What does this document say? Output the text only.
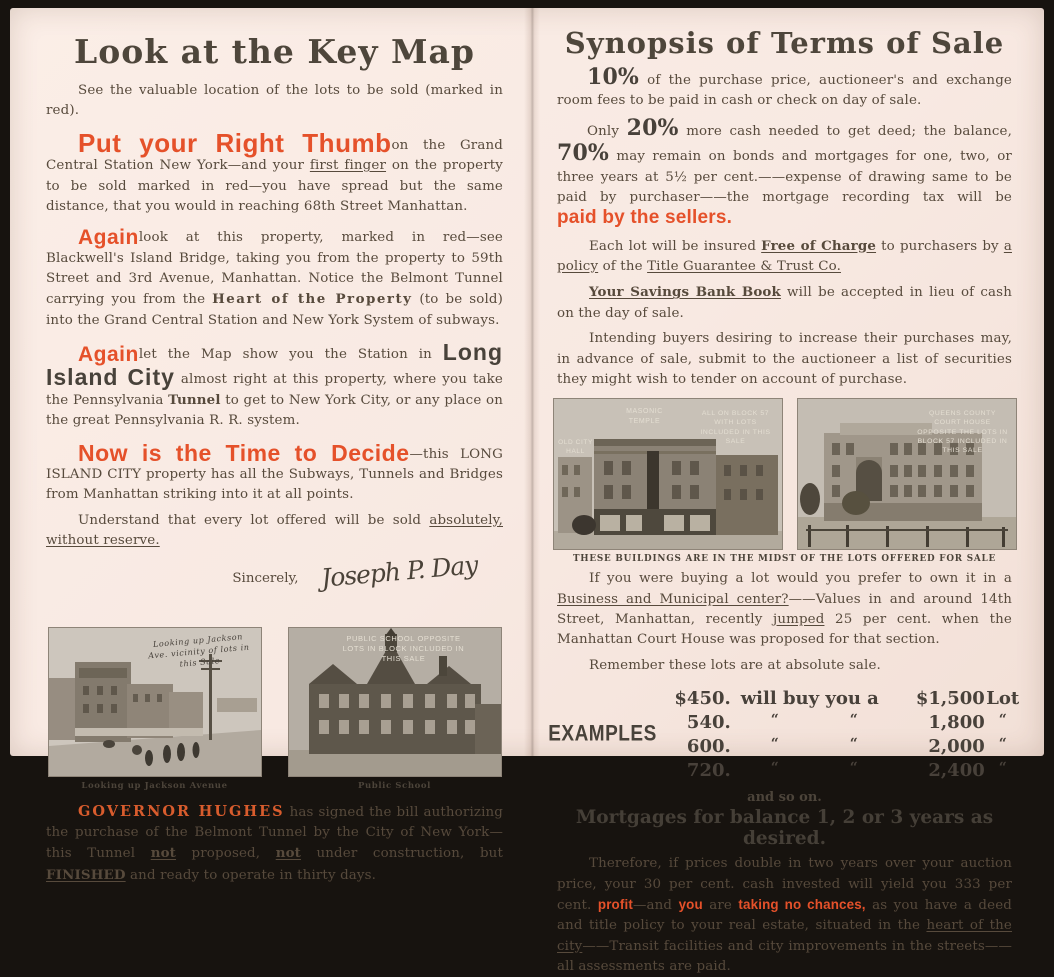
Look at the Key Map

See the valuable location of the lots to be sold (marked in red).

Put your Right Thumbon the Grand Central Station New York—and your first finger on the property to be sold marked in red—you have spread but the same distance, that you would in reaching 68th Street Manhattan.

Againlook at this property, marked in red—see Blackwell's Island Bridge, taking you from the property to 59th Street and 3rd Avenue, Manhattan. Notice the Belmont Tunnel carrying you from the Heart of the Property (to be sold) into the Grand Central Station and New York System of subways.

Againlet the Map show you the Station in Long Island City almost right at this property, where you take the Pennsylvania Tunnel to get to New York City, or any place on the great Pennsylvania R. R. system.

Now is the Time to Decide—this LONG ISLAND CITY property has all the Subways, Tunnels and Bridges from Manhattan striking into it at all points.

Understand that every lot offered will be sold absolutely, without reserve.

Sincerely, Joseph P. Day
Looking up Jackson Ave. vicinity of lots in this Sale
Looking up Jackson Avenue
PUBLIC SCHOOL OPPOSITE LOTS IN BLOCK INCLUDED IN THIS SALE
Public School

GOVERNOR HUGHES has signed the bill authorizing the purchase of the Belmont Tunnel by the City of New York—this Tunnel not proposed, not under construction, but FINISHED and ready to operate in thirty days.

Synopsis of Terms of Sale

10% of the purchase price, auctioneer's and exchange room fees to be paid in cash or check on day of sale.

Only 20% more cash needed to get deed; the balance, 70% may remain on bonds and mortgages for one, two, or three years at 5½ per cent.——expense of drawing same to be paid by purchaser——the mortgage recording tax will be paid by the sellers.

Each lot will be insured Free of Charge to purchasers by a policy of the Title Guarantee & Trust Co.

Your Savings Bank Book will be accepted in lieu of cash on the day of sale.

Intending buyers desiring to increase their purchases may, in advance of sale, submit to the auctioneer a list of securities they might wish to tender on account of purchase.

OLD CITY HALL
MASONIC TEMPLE
ALL ON BLOCK 57 WITH LOTS INCLUDED IN THIS SALE
QUEENS COUNTY COURT HOUSE OPPOSITE THE LOTS IN BLOCK 57 INCLUDED IN THIS SALE
THESE BUILDINGS ARE IN THE MIDST OF THE LOTS OFFERED FOR SALE

If you were buying a lot would you prefer to own it in a Business and Municipal center?——Values in and around 14th Street, Manhattan, recently jumped 25 per cent. when the Manhattan Court House was proposed for that section.

Remember these lots are at absolute sale.

EXAMPLES
$450. will buy you a	$1,500 Lot
540.	“	“	1,800 “
600.	“	“	2,000 “
720.	“	“	2,400 “
and so on.
Mortgages for balance 1, 2 or 3 years as desired.

Therefore, if prices double in two years over your auction price, your 30 per cent. cash invested will yield you 333 per cent. profit—and you are taking no chances, as you have a deed and title policy to your real estate, situated in the heart of the city——Transit facilities and city improvements in the streets——all assessments are paid.
